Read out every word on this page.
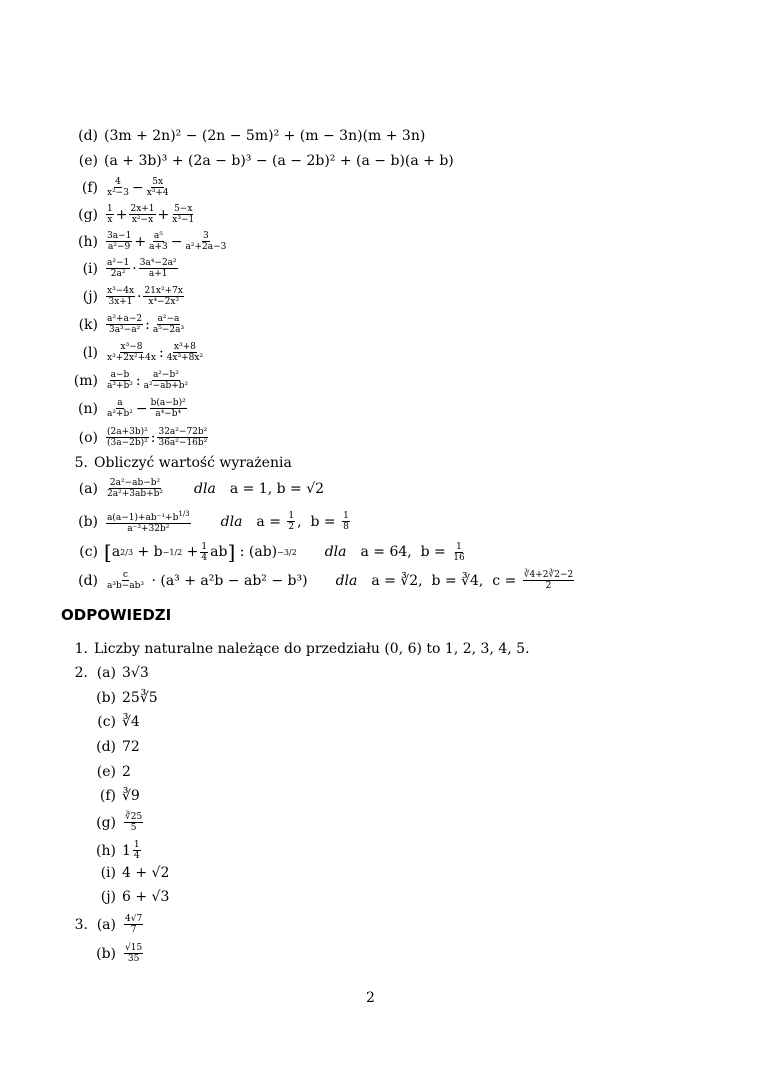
(d) (3m + 2n)² − (2n − 5m)² + (m − 3n)(m + 3n)
(e) (a + 3b)³ + (2a − b)³ − (a − 2b)² + (a − b)(a + b)
$(f) \frac{4}{\text{x²−3}} - \frac{5x}{\text{x³+4}}$
$(g) \frac{1}{x} + \frac{2x+1}{\text{x²−x}} + \frac{5-x}{\text{x³−1}}$
$(h) \frac{3a-1}{\text{a²−9}} + \frac{\text{a⁵}}{a+3} - \frac{3}{\text{a²+2a−3}}$
$(i) \frac{\text{a²−1}}{\text{2a²}} \cdot \frac{\text{3a⁴−2a²}}{a+1}$
$(j) \frac{\text{x³−4x}}{3x+1} \cdot \frac{\text{21x²+7x}}{\text{x⁴−2x³}}$
$(k) \frac{\text{a²+a−2}}{\text{3a³−a²}}$ : $\frac{\text{a²−a}}{\text{a⁵−2a³}}$
$(l) \frac{\text{x³−8}}{\text{x³+2x²+4x}}$ : $\frac{\text{x³+8}}{\text{4x³+8x²}}$
$(m) \frac{a-b}{\text{a³+b³}}$ : $\frac{\text{a²−b²}}{\text{a²−ab+b²}}$
$(n) \frac{a}{\text{a²+b²}} - \frac{\text{b(a−b)²}}{\text{a⁴−b⁴}}$
$(o) \frac{\text{(2a+3b)²}}{\text{(3a−2b)²}}$ : $\frac{\text{32a²−72b²}}{\text{36a²−16b²}}$
5. Obliczyć wartość wyrażenia
$(a) \frac{\text{2a²−ab−b²}}{\text{2a²+3ab+b²}}$ dla a = 1, b = √2
$(b) \frac{a(a-1)+ab^{-1}+b^{1/3}}{\text{a⁻³+32b²}}$ dla $a = \frac{1}{2}$ ,  $b = \frac{1}{8}$
(c) [ a $2/3 + b -1/2 + \frac{1}{4}$ ab ] : (ab) −3/2 dla a = 64,  $b = \frac{1}{16}$
$(d) \frac{c}{\text{a³b−ab³}} \cdot (a^3 + a^2b - ab^2 - b^3)$ dla a = ∛2,  b = ∛4,  $c = \frac{∛4+2∛2-2}{2}$
ODPOWIEDZI
1. Liczby naturalne należące do przedziału (0, 6) to 1, 2, 3, 4, 5.
2. (a) 3√3
(b) 25∛5
(c) ∛4
(d) 72
(e) 2
(f) ∛9
$(g) \frac{∛25}{5}$
(h) $1 \frac{1}{4}$
(i) 4 + √2
(j) 6 + √3
3. $(a) \frac{4√7}{7}$
$(b) \frac{√15}{35}$
2
